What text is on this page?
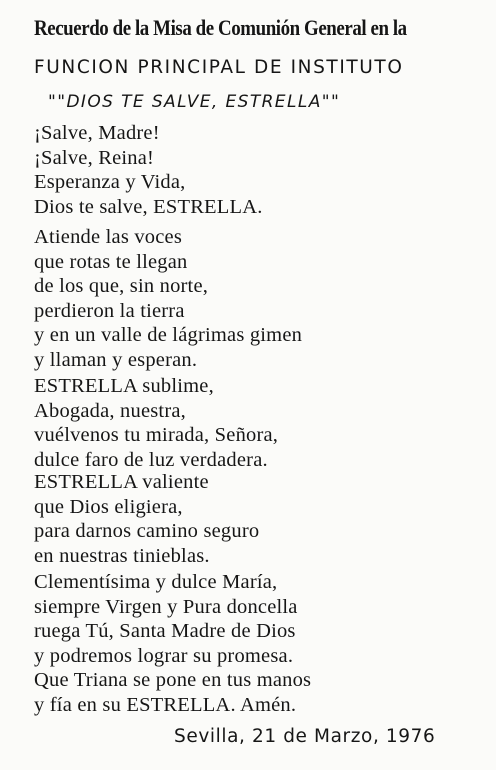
Recuerdo de la Misa de Comunión General en la
FUNCION PRINCIPAL DE INSTITUTO
""DIOS TE SALVE, ESTRELLA""
¡Salve, Madre!
¡Salve, Reina!
Esperanza y Vida,
Dios te salve, ESTRELLA.
Atiende las voces
que rotas te llegan
de los que, sin norte,
perdieron la tierra
y en un valle de lágrimas gimen
y llaman y esperan.
ESTRELLA sublime,
Abogada, nuestra,
vuélvenos tu mirada, Señora,
dulce faro de luz verdadera.
ESTRELLA valiente
que Dios eligiera,
para darnos camino seguro
en nuestras tinieblas.
Clementísima y dulce María,
siempre Virgen y Pura doncella
ruega Tú, Santa Madre de Dios
y podremos lograr su promesa.
Que Triana se pone en tus manos
y fía en su ESTRELLA. Amén.
Sevilla, 21 de Marzo, 1976
